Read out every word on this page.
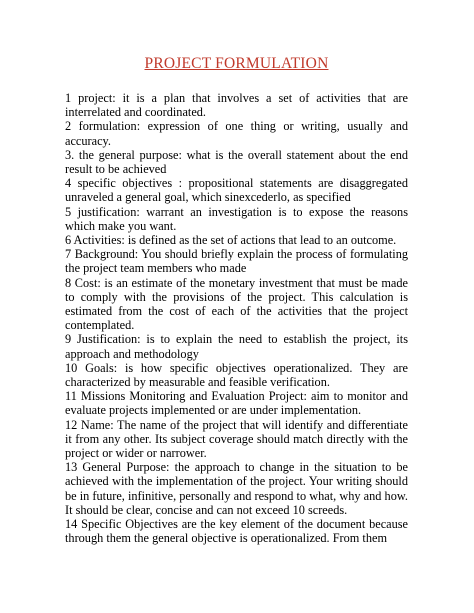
PROJECT FORMULATION

1 project: it is a plan that involves a set of activities that are interrelated and coordinated.

2 formulation: expression of one thing or writing, usually and accuracy.

3. the general purpose: what is the overall statement about the end result to be achieved

4 specific objectives : propositional statements are disaggregated unraveled a general goal, which sinexcederlo, as specified

5 justification: warrant an investigation is to expose the reasons which make you want.

6 Activities: is defined as the set of actions that lead to an outcome.

7 Background: You should briefly explain the process of formulating the project team members who made

8 Cost: is an estimate of the monetary investment that must be made to comply with the provisions of the project. This calculation is estimated from the cost of each of the activities that the project contemplated.

9 Justification: is to explain the need to establish the project, its approach and methodology

10 Goals: is how specific objectives operationalized. They are characterized by measurable and feasible verification.

11 Missions Monitoring and Evaluation Project: aim to monitor and evaluate projects implemented or are under implementation.

12 Name: The name of the project that will identify and differentiate it from any other. Its subject coverage should match directly with the project or wider or narrower.

13 General Purpose: the approach to change in the situation to be achieved with the implementation of the project. Your writing should be in future, infinitive, personally and respond to what, why and how. It should be clear, concise and can not exceed 10 screeds.

14 Specific Objectives are the key element of the document because through them the general objective is operationalized. From them
